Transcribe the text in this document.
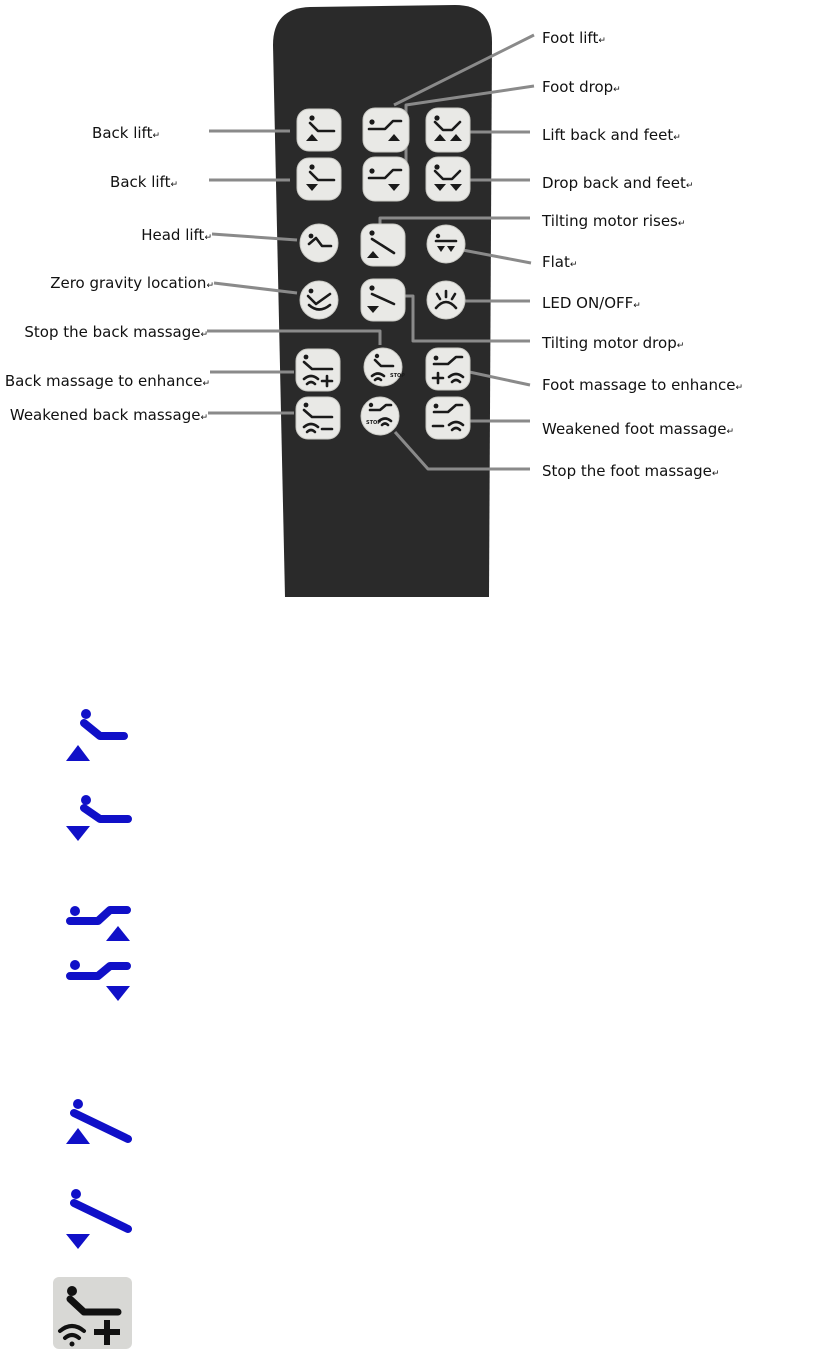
STOP
STOP
Back lift↵
Back lift↵
Head lift↵
Zero gravity location↵
Stop the back massage↵
Back massage to enhance↵
Weakened back massage↵
Foot lift↵
Foot drop↵
Lift back and feet↵
Drop back and feet↵
Tilting motor rises↵
Flat↵
LED ON/OFF↵
Tilting motor drop↵
Foot massage to enhance↵
Weakened foot massage↵
Stop the foot massage↵
